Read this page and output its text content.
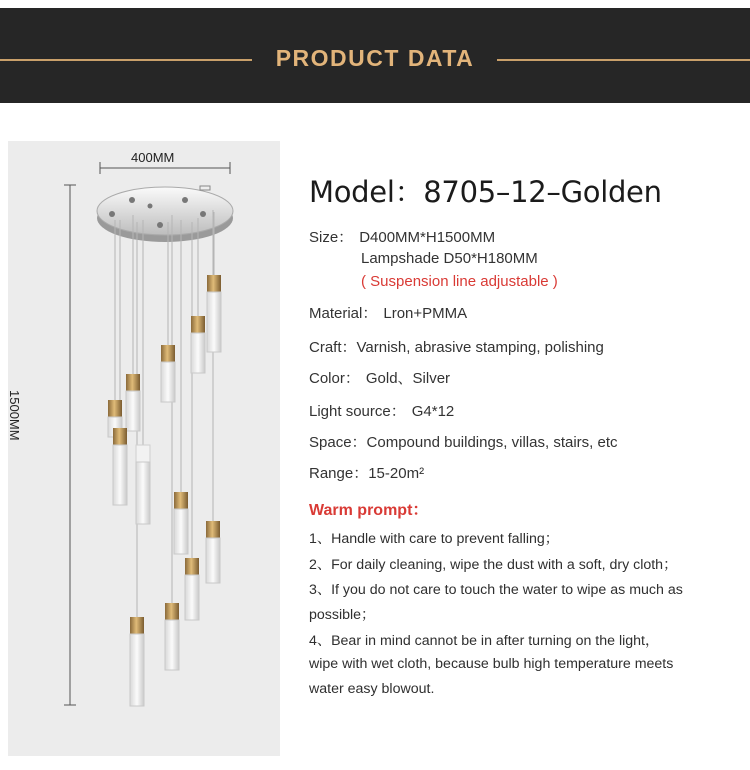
PRODUCT DATA
400MM
1500MM
Model：8705–12–Golden
Size： D400MM*H1500MM
Lampshade D50*H180MM
( Suspension line adjustable )
Material： Lron+PMMA
Craft：Varnish, abrasive stamping, polishing
Color： Gold、Silver
Light source： G4*12
Space：Compound buildings, villas, stairs, etc
Range：15-20m²
Warm prompt：
1、Handle with care to prevent falling；
2、For daily cleaning, wipe the dust with a soft, dry cloth；
3、If you do not care to touch the water to wipe as much as
possible；
4、Bear in mind cannot be in after turning on the light，
wipe with wet cloth, because bulb high temperature meets
water easy blowout.
